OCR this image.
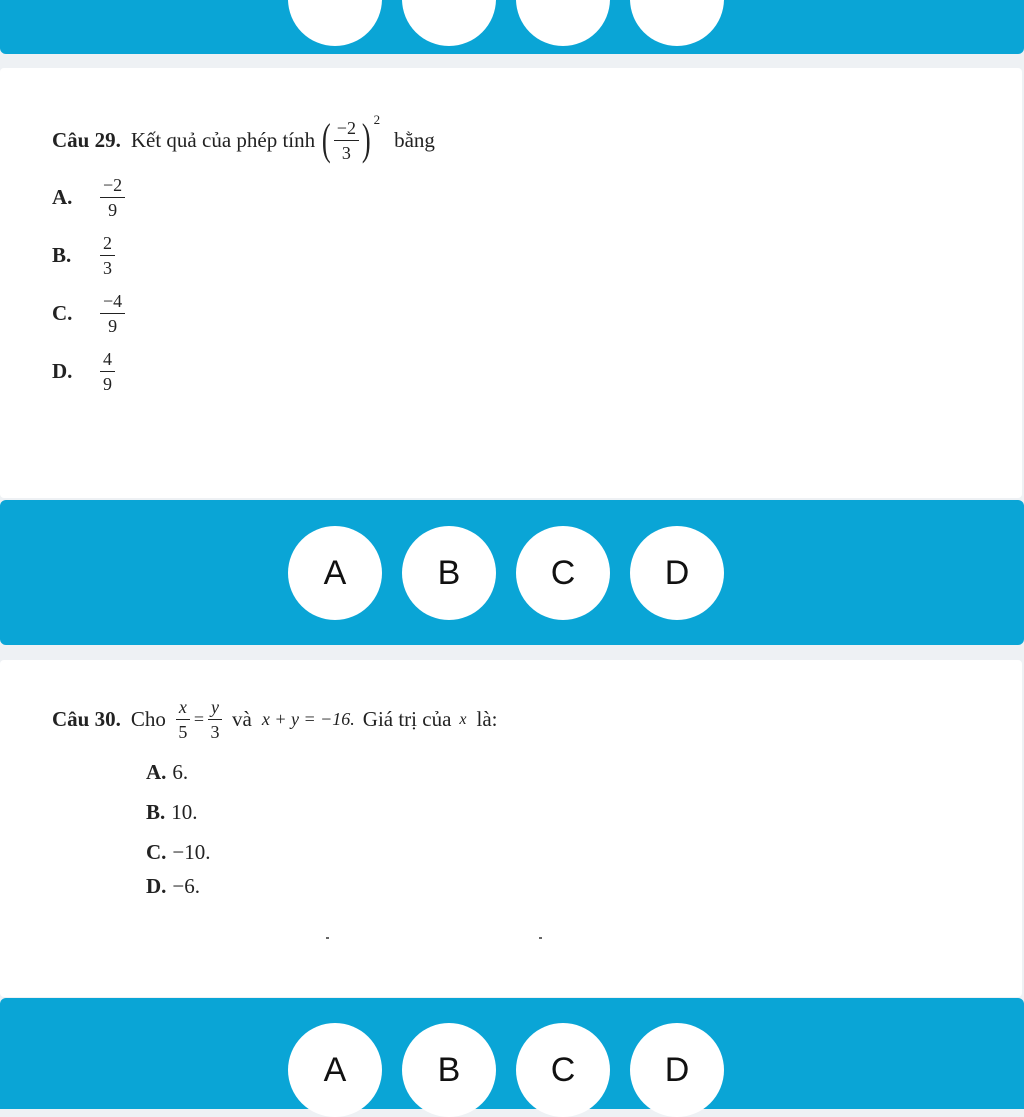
Câu 29. Kết quả của phép tính ( $\frac{-2}{3}$ ) 2
bằng
A.	$\frac{-2}{9}$
B.	$\frac{2}{3}$
C.	$\frac{-4}{9}$
D.	$\frac{4}{9}$
A	B	C	D
Câu 30. Cho $\frac{x}{5} = \frac{y}{3}$ và x + y = −16. Giá trị của x là:
A. 6.
B. 10.
C. −10.
D. −6.
A	B	C	D
